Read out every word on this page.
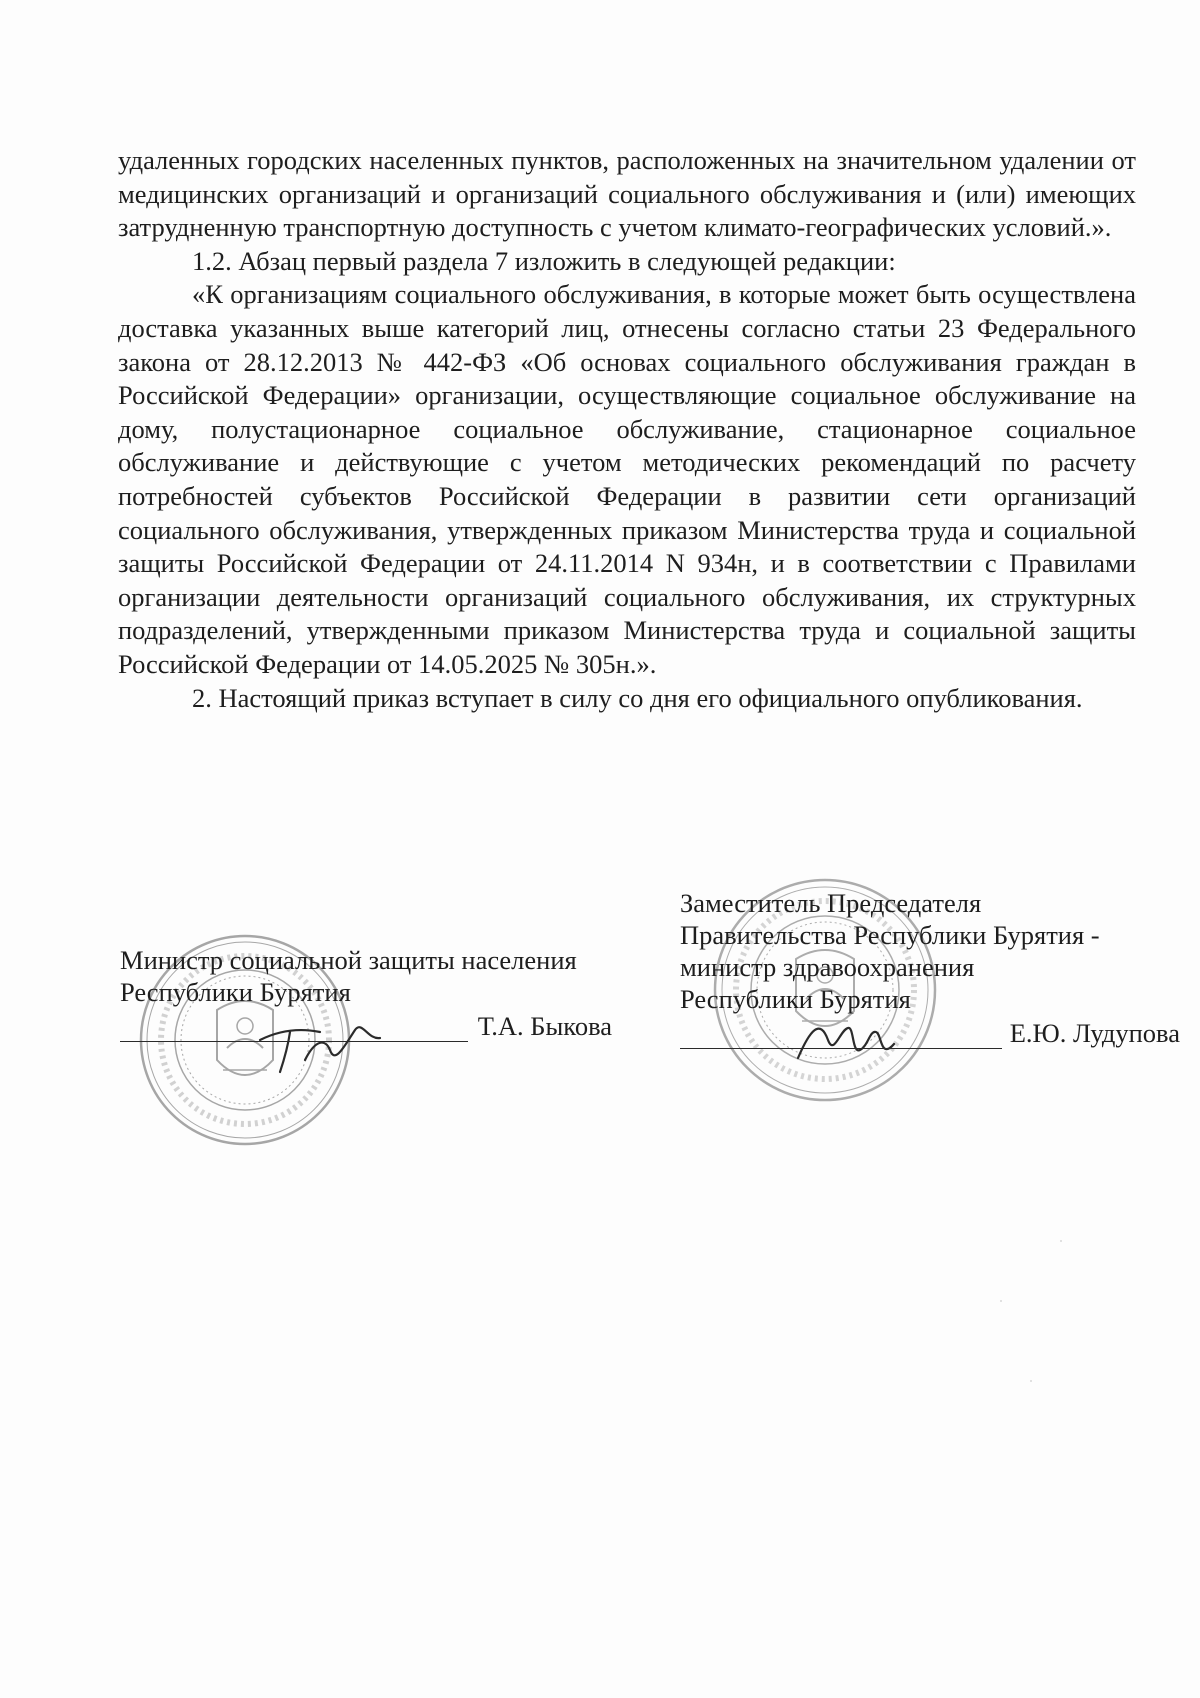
удаленных городских населенных пунктов, расположенных на значительном удалении от медицинских организаций и организаций социального обслуживания и (или) имеющих затрудненную транспортную доступность с учетом климато-географических условий.».

1.2. Абзац первый раздела 7 изложить в следующей редакции:

«К организациям социального обслуживания, в которые может быть осуществлена доставка указанных выше категорий лиц, отнесены согласно статьи 23 Федерального закона от 28.12.2013 № 442-ФЗ «Об основах социального обслуживания граждан в Российской Федерации» организации, осуществляющие социальное обслуживание на дому, полустационарное социальное обслуживание, стационарное социальное обслуживание и действующие с учетом методических рекомендаций по расчету потребностей субъектов Российской Федерации в развитии сети организаций социального обслуживания, утвержденных приказом Министерства труда и социальной защиты Российской Федерации от 24.11.2014 N 934н, и в соответствии с Правилами организации деятельности организаций социального обслуживания, их структурных подразделений, утвержденными приказом Министерства труда и социальной защиты Российской Федерации от 14.05.2025 № 305н.».

2. Настоящий приказ вступает в силу со дня его официального опубликования.

Министр социальной защиты населения
Республики Бурятия
Т.А. Быкова
Заместитель Председателя
Правительства Республики Бурятия -
министр здравоохранения
Республики Бурятия
Е.Ю. Лудупова
